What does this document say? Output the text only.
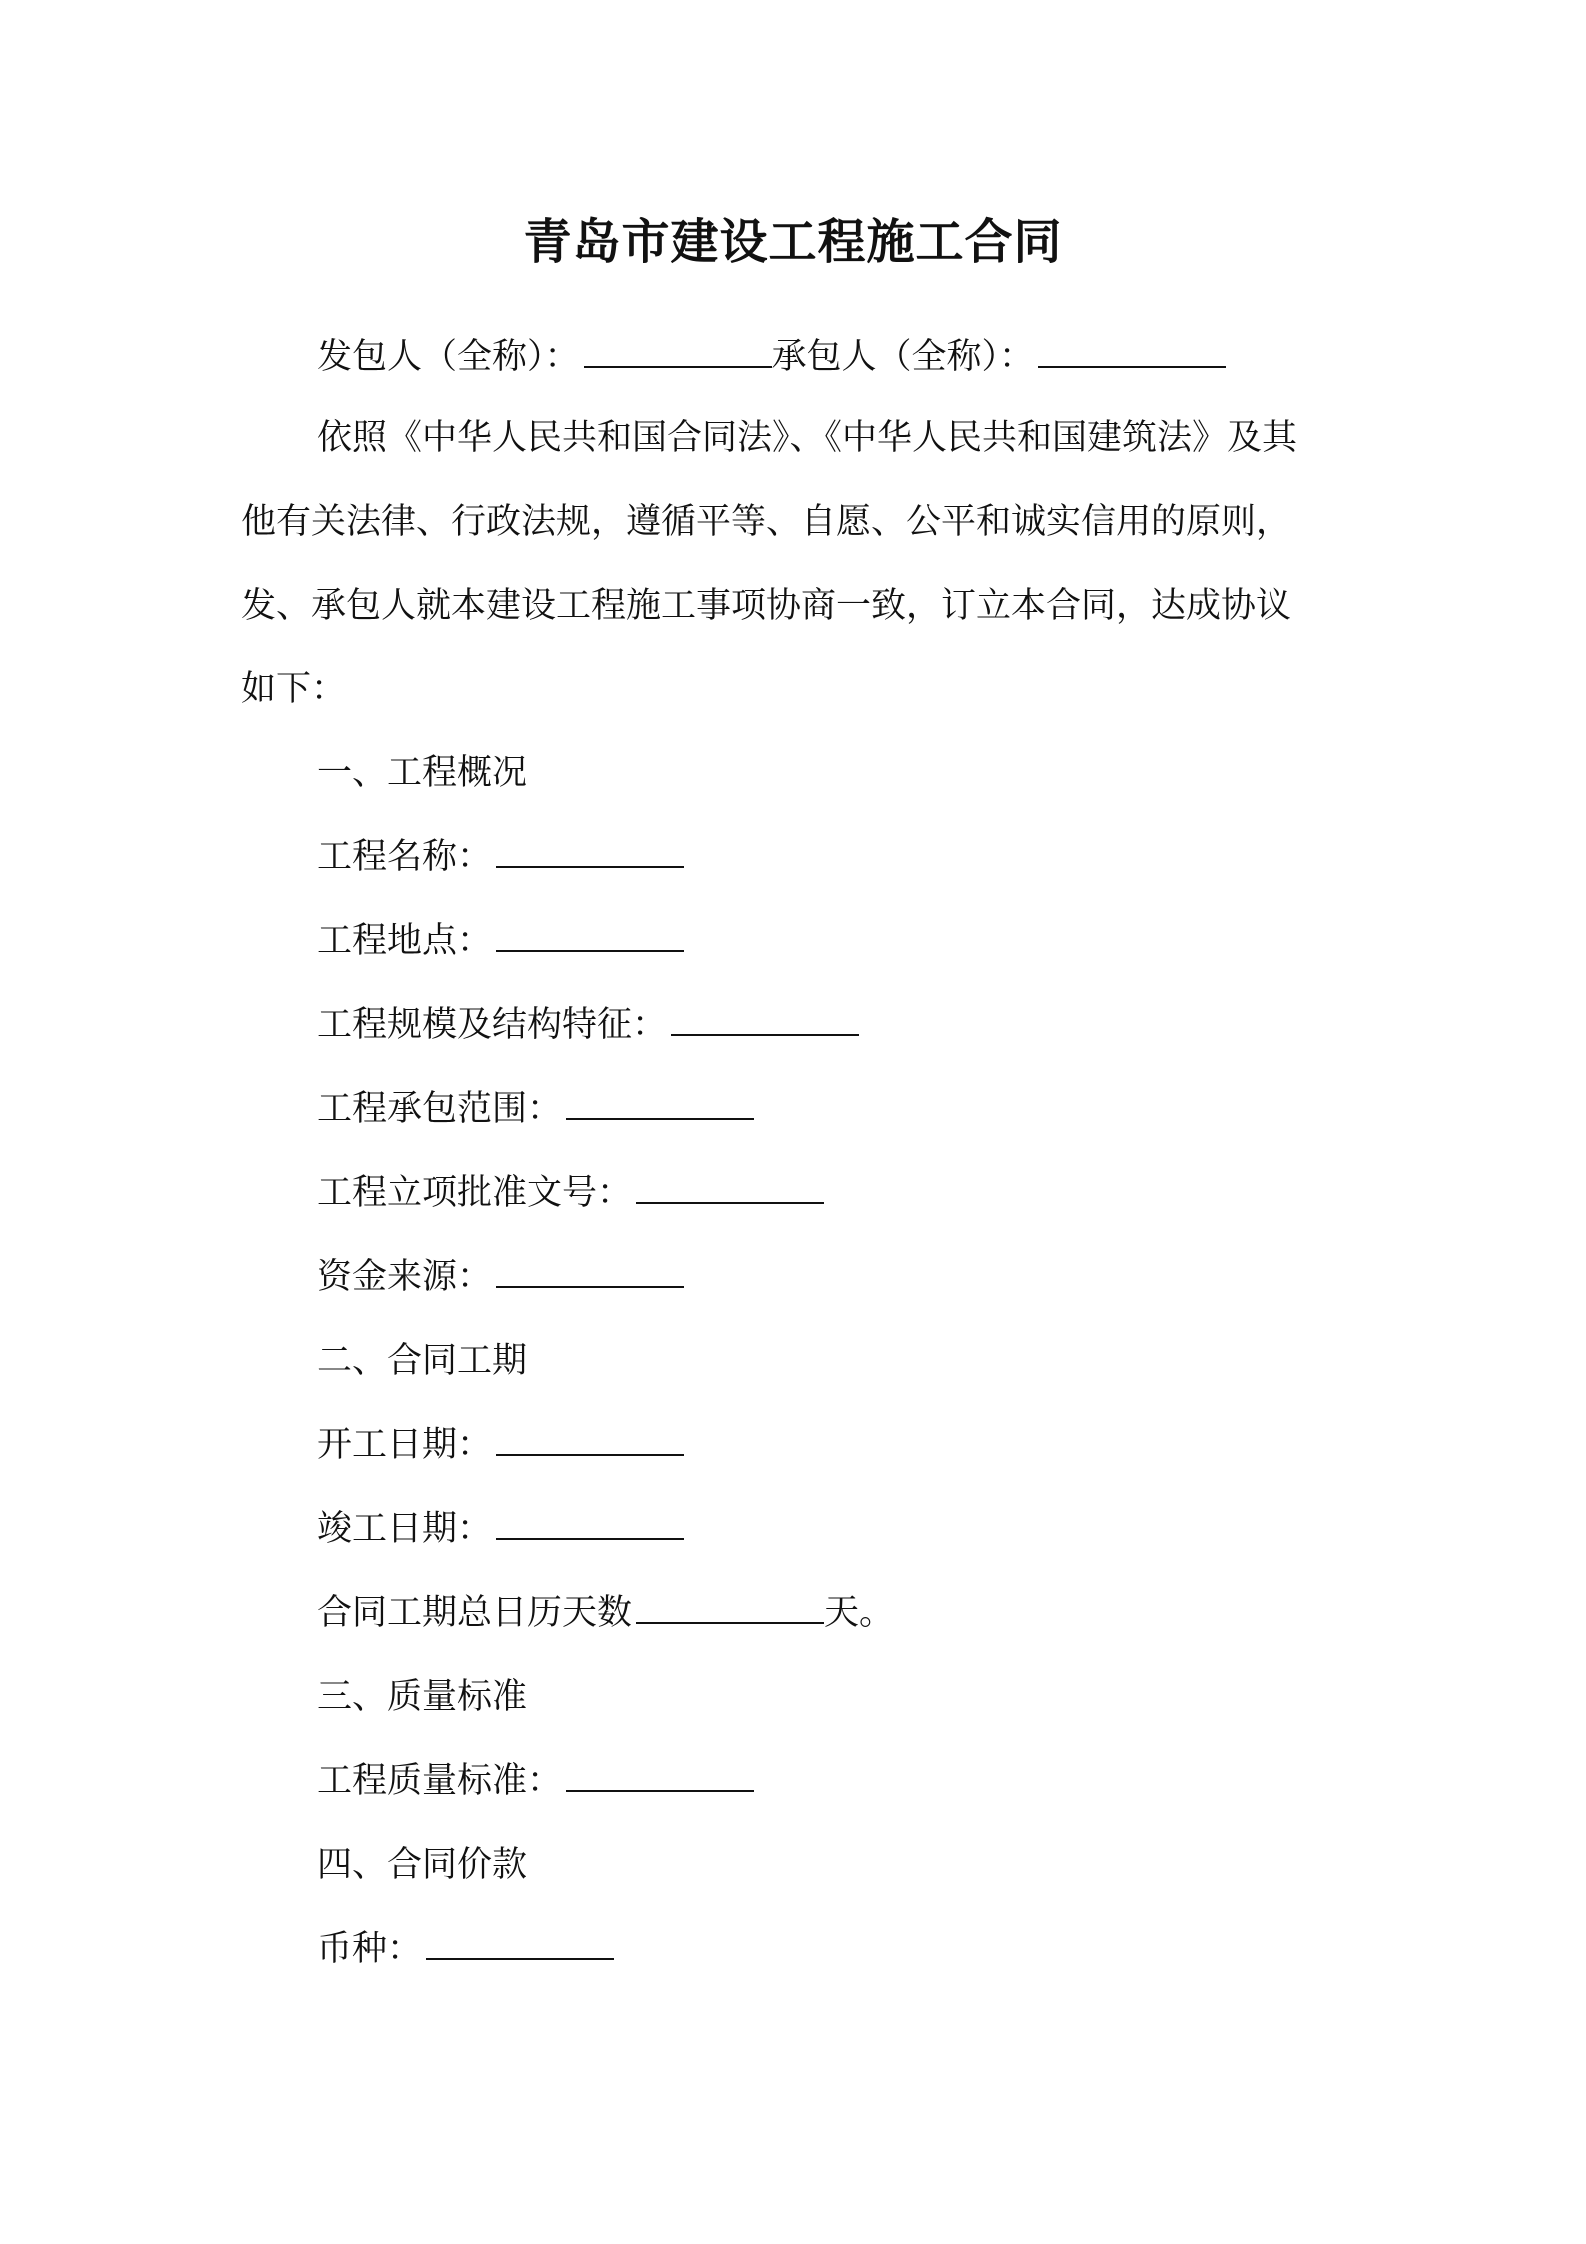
青岛市建设工程施工合同
发包人（全称）：	承包人（全称）：
依照《中华人民共和国合同法》、《中华人民共和国建筑法》及其
他有关法律、行政法规，遵循平等、自愿、公平和诚实信用的原则，
发、承包人就本建设工程施工事项协商一致，订立本合同，达成协议
如下：
一、工程概况
工程名称：
工程地点：
工程规模及结构特征：
工程承包范围：
工程立项批准文号：
资金来源：
二、合同工期
开工日期：
竣工日期：
合同工期总日历天数	天。
三、质量标准
工程质量标准：
四、合同价款
币种：
